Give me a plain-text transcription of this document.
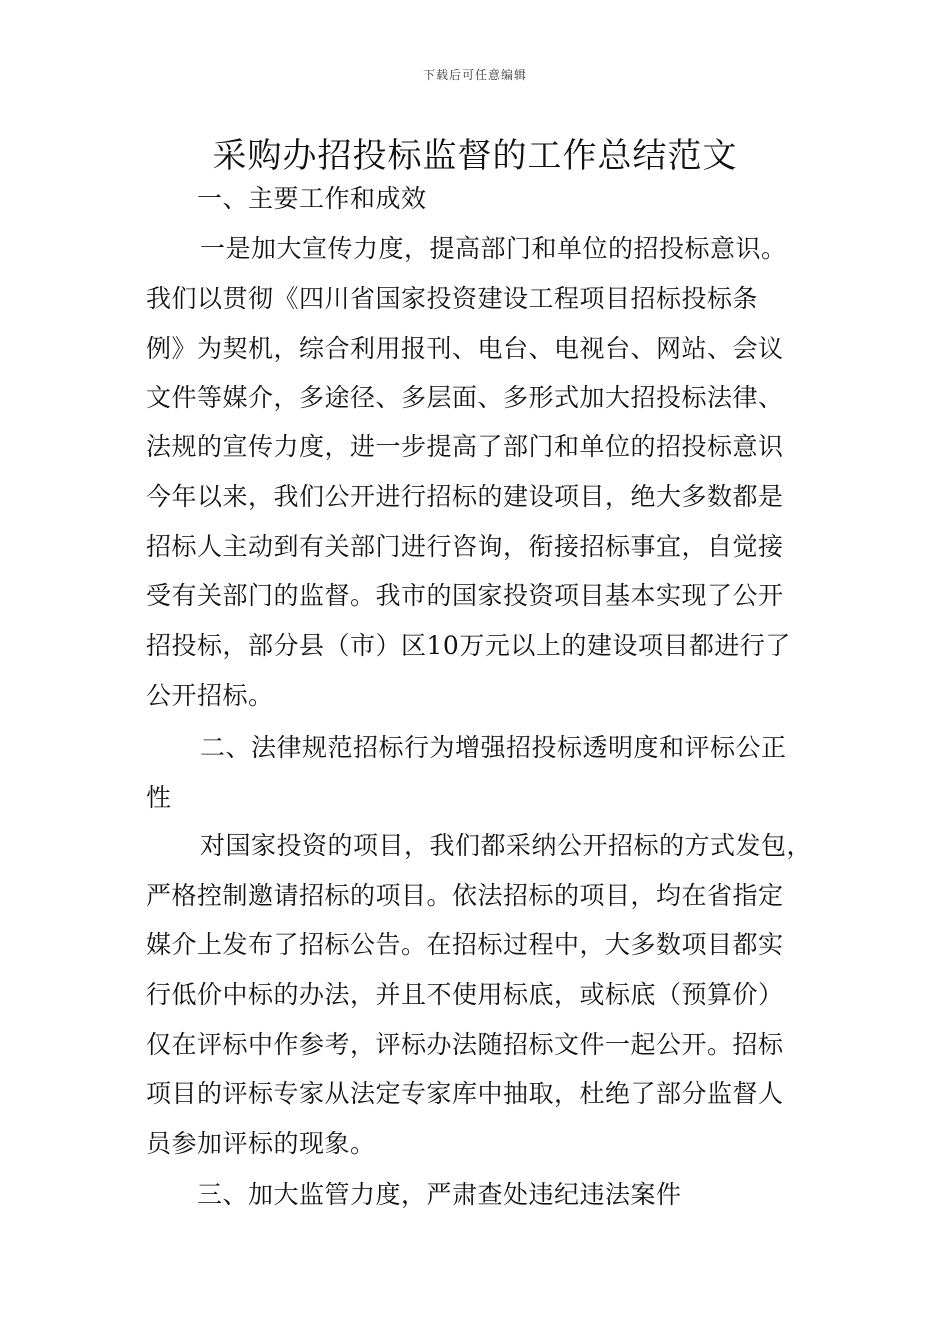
下载后可任意编辑
采购办招投标监督的工作总结范文
一、主要工作和成效
一是加大宣传力度，提高部门和单位的招投标意识。
我们以贯彻《四川省国家投资建设工程项目招标投标条
例》为契机，综合利用报刊、电台、电视台、网站、会议
文件等媒介，多途径、多层面、多形式加大招投标法律、
法规的宣传力度，进一步提高了部门和单位的招投标意识
今年以来，我们公开进行招标的建设项目，绝大多数都是
招标人主动到有关部门进行咨询，衔接招标事宜，自觉接
受有关部门的监督。我市的国家投资项目基本实现了公开
招投标，部分县（市）区10万元以上的建设项目都进行了
公开招标。
二、法律规范招标行为增强招投标透明度和评标公正
性
对国家投资的项目，我们都采纳公开招标的方式发包，
严格控制邀请招标的项目。依法招标的项目，均在省指定
媒介上发布了招标公告。在招标过程中，大多数项目都实
行低价中标的办法，并且不使用标底，或标底（预算价）
仅在评标中作参考，评标办法随招标文件一起公开。招标
项目的评标专家从法定专家库中抽取，杜绝了部分监督人
员参加评标的现象。
三、加大监管力度，严肃查处违纪违法案件
